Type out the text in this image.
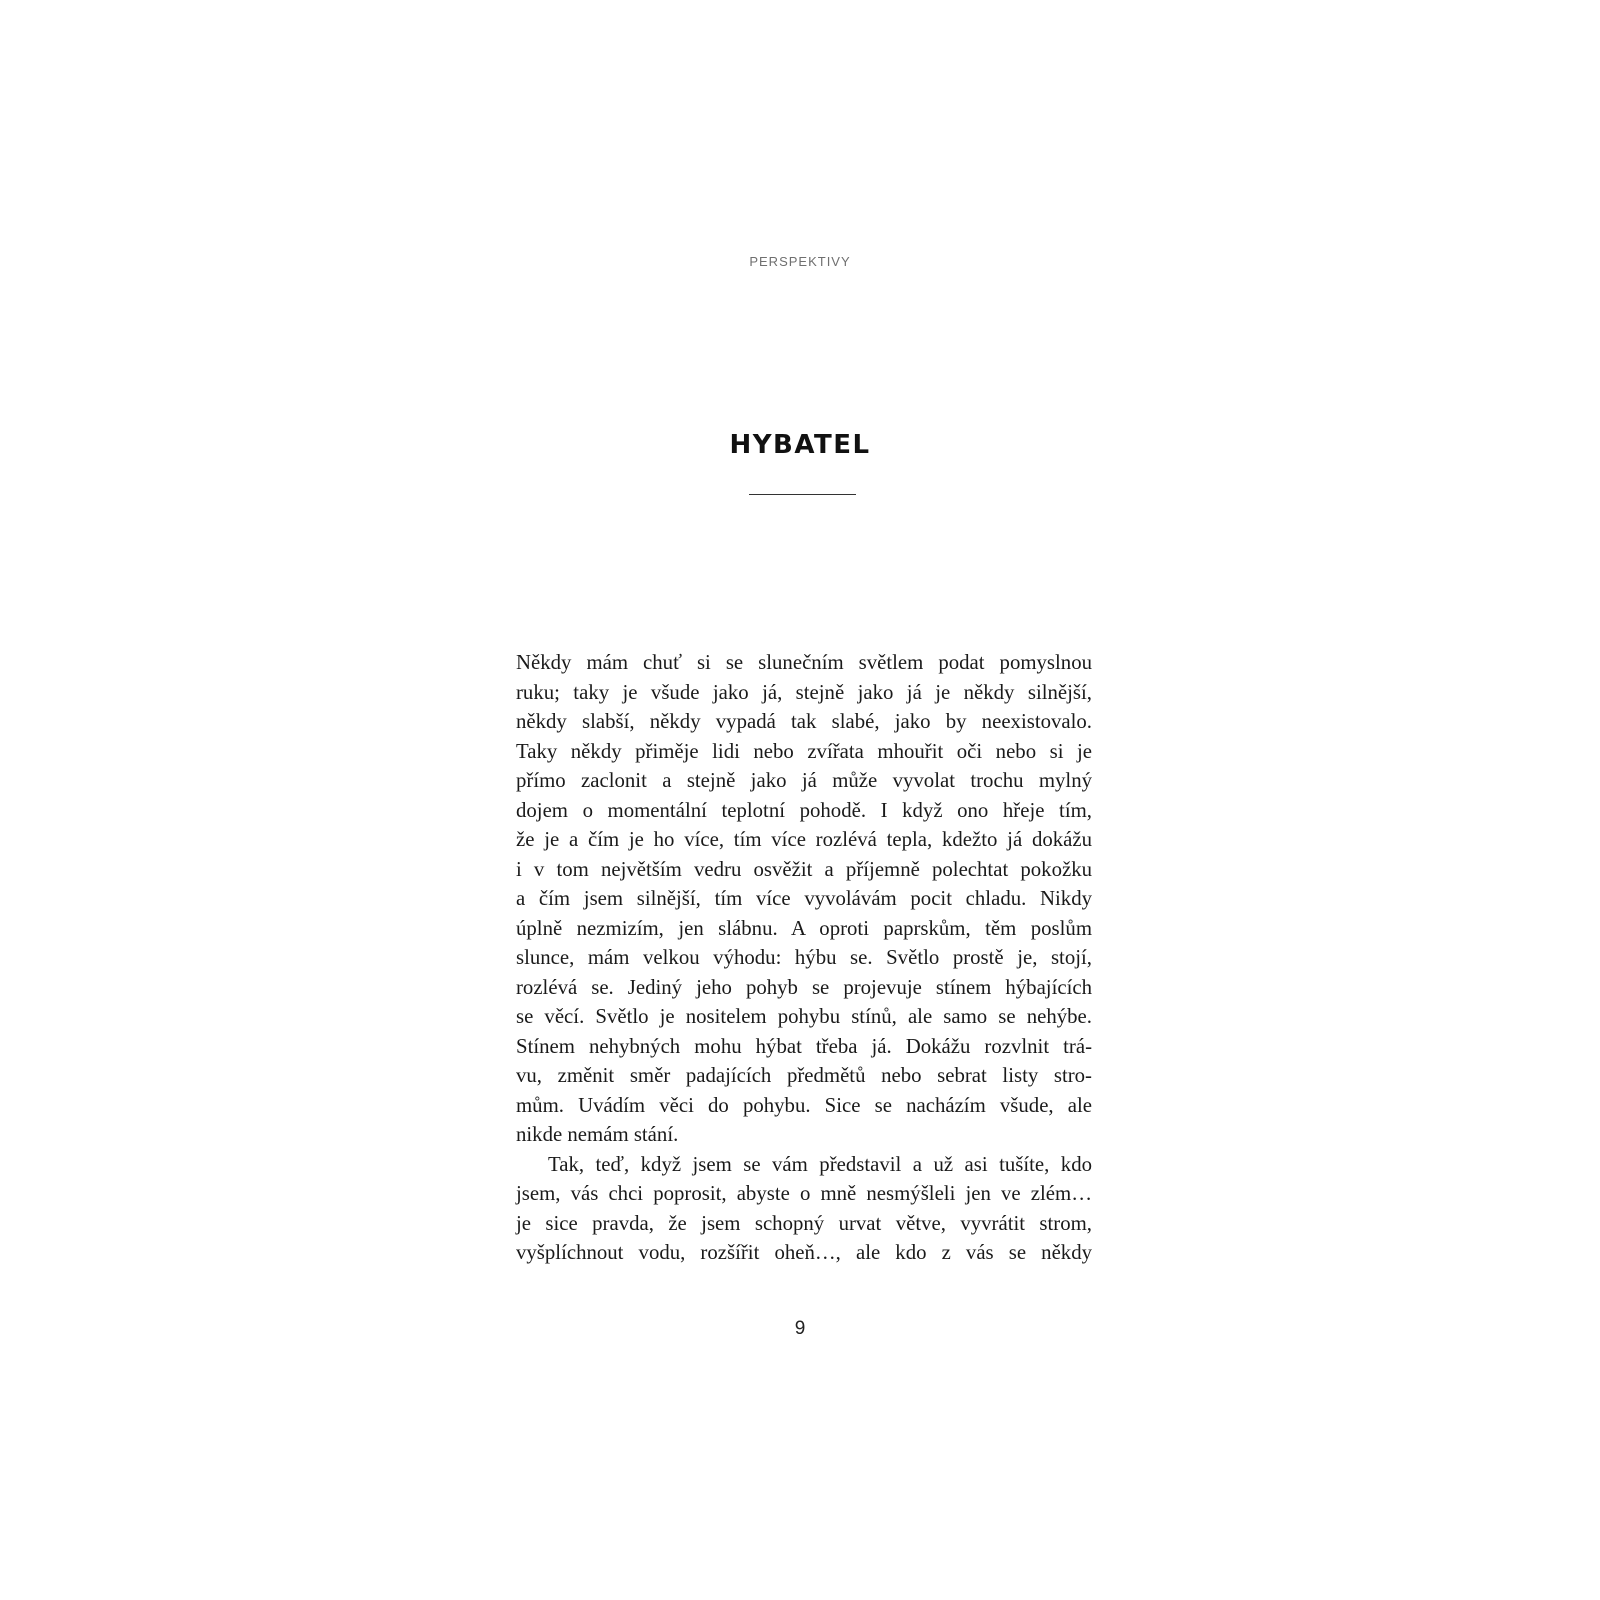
PERSPEKTIVY
HYBATEL
Někdy mám chuť si se slunečním světlem podat pomyslnou
ruku; taky je všude jako já, stejně jako já je někdy silnější,
někdy slabší, někdy vypadá tak slabé, jako by neexistovalo.
Taky někdy přiměje lidi nebo zvířata mhouřit oči nebo si je
přímo zaclonit a stejně jako já může vyvolat trochu mylný
dojem o momentální teplotní pohodě. I když ono hřeje tím,
že je a čím je ho více, tím více rozlévá tepla, kdežto já dokážu
i v tom největším vedru osvěžit a příjemně polechtat pokožku
a čím jsem silnější, tím více vyvolávám pocit chladu. Nikdy
úplně nezmizím, jen slábnu. A oproti paprskům, těm poslům
slunce, mám velkou výhodu: hýbu se. Světlo prostě je, stojí,
rozlévá se. Jediný jeho pohyb se projevuje stínem hýbajících
se věcí. Světlo je nositelem pohybu stínů, ale samo se nehýbe.
Stínem nehybných mohu hýbat třeba já. Dokážu rozvlnit trá-
vu, změnit směr padajících předmětů nebo sebrat listy stro-
mům. Uvádím věci do pohybu. Sice se nacházím všude, ale
nikde nemám stání.
Tak, teď, když jsem se vám představil a už asi tušíte, kdo
jsem, vás chci poprosit, abyste o mně nesmýšleli jen ve zlém…
je sice pravda, že jsem schopný urvat větve, vyvrátit strom,
vyšplíchnout vodu, rozšířit oheň…, ale kdo z vás se někdy
9
